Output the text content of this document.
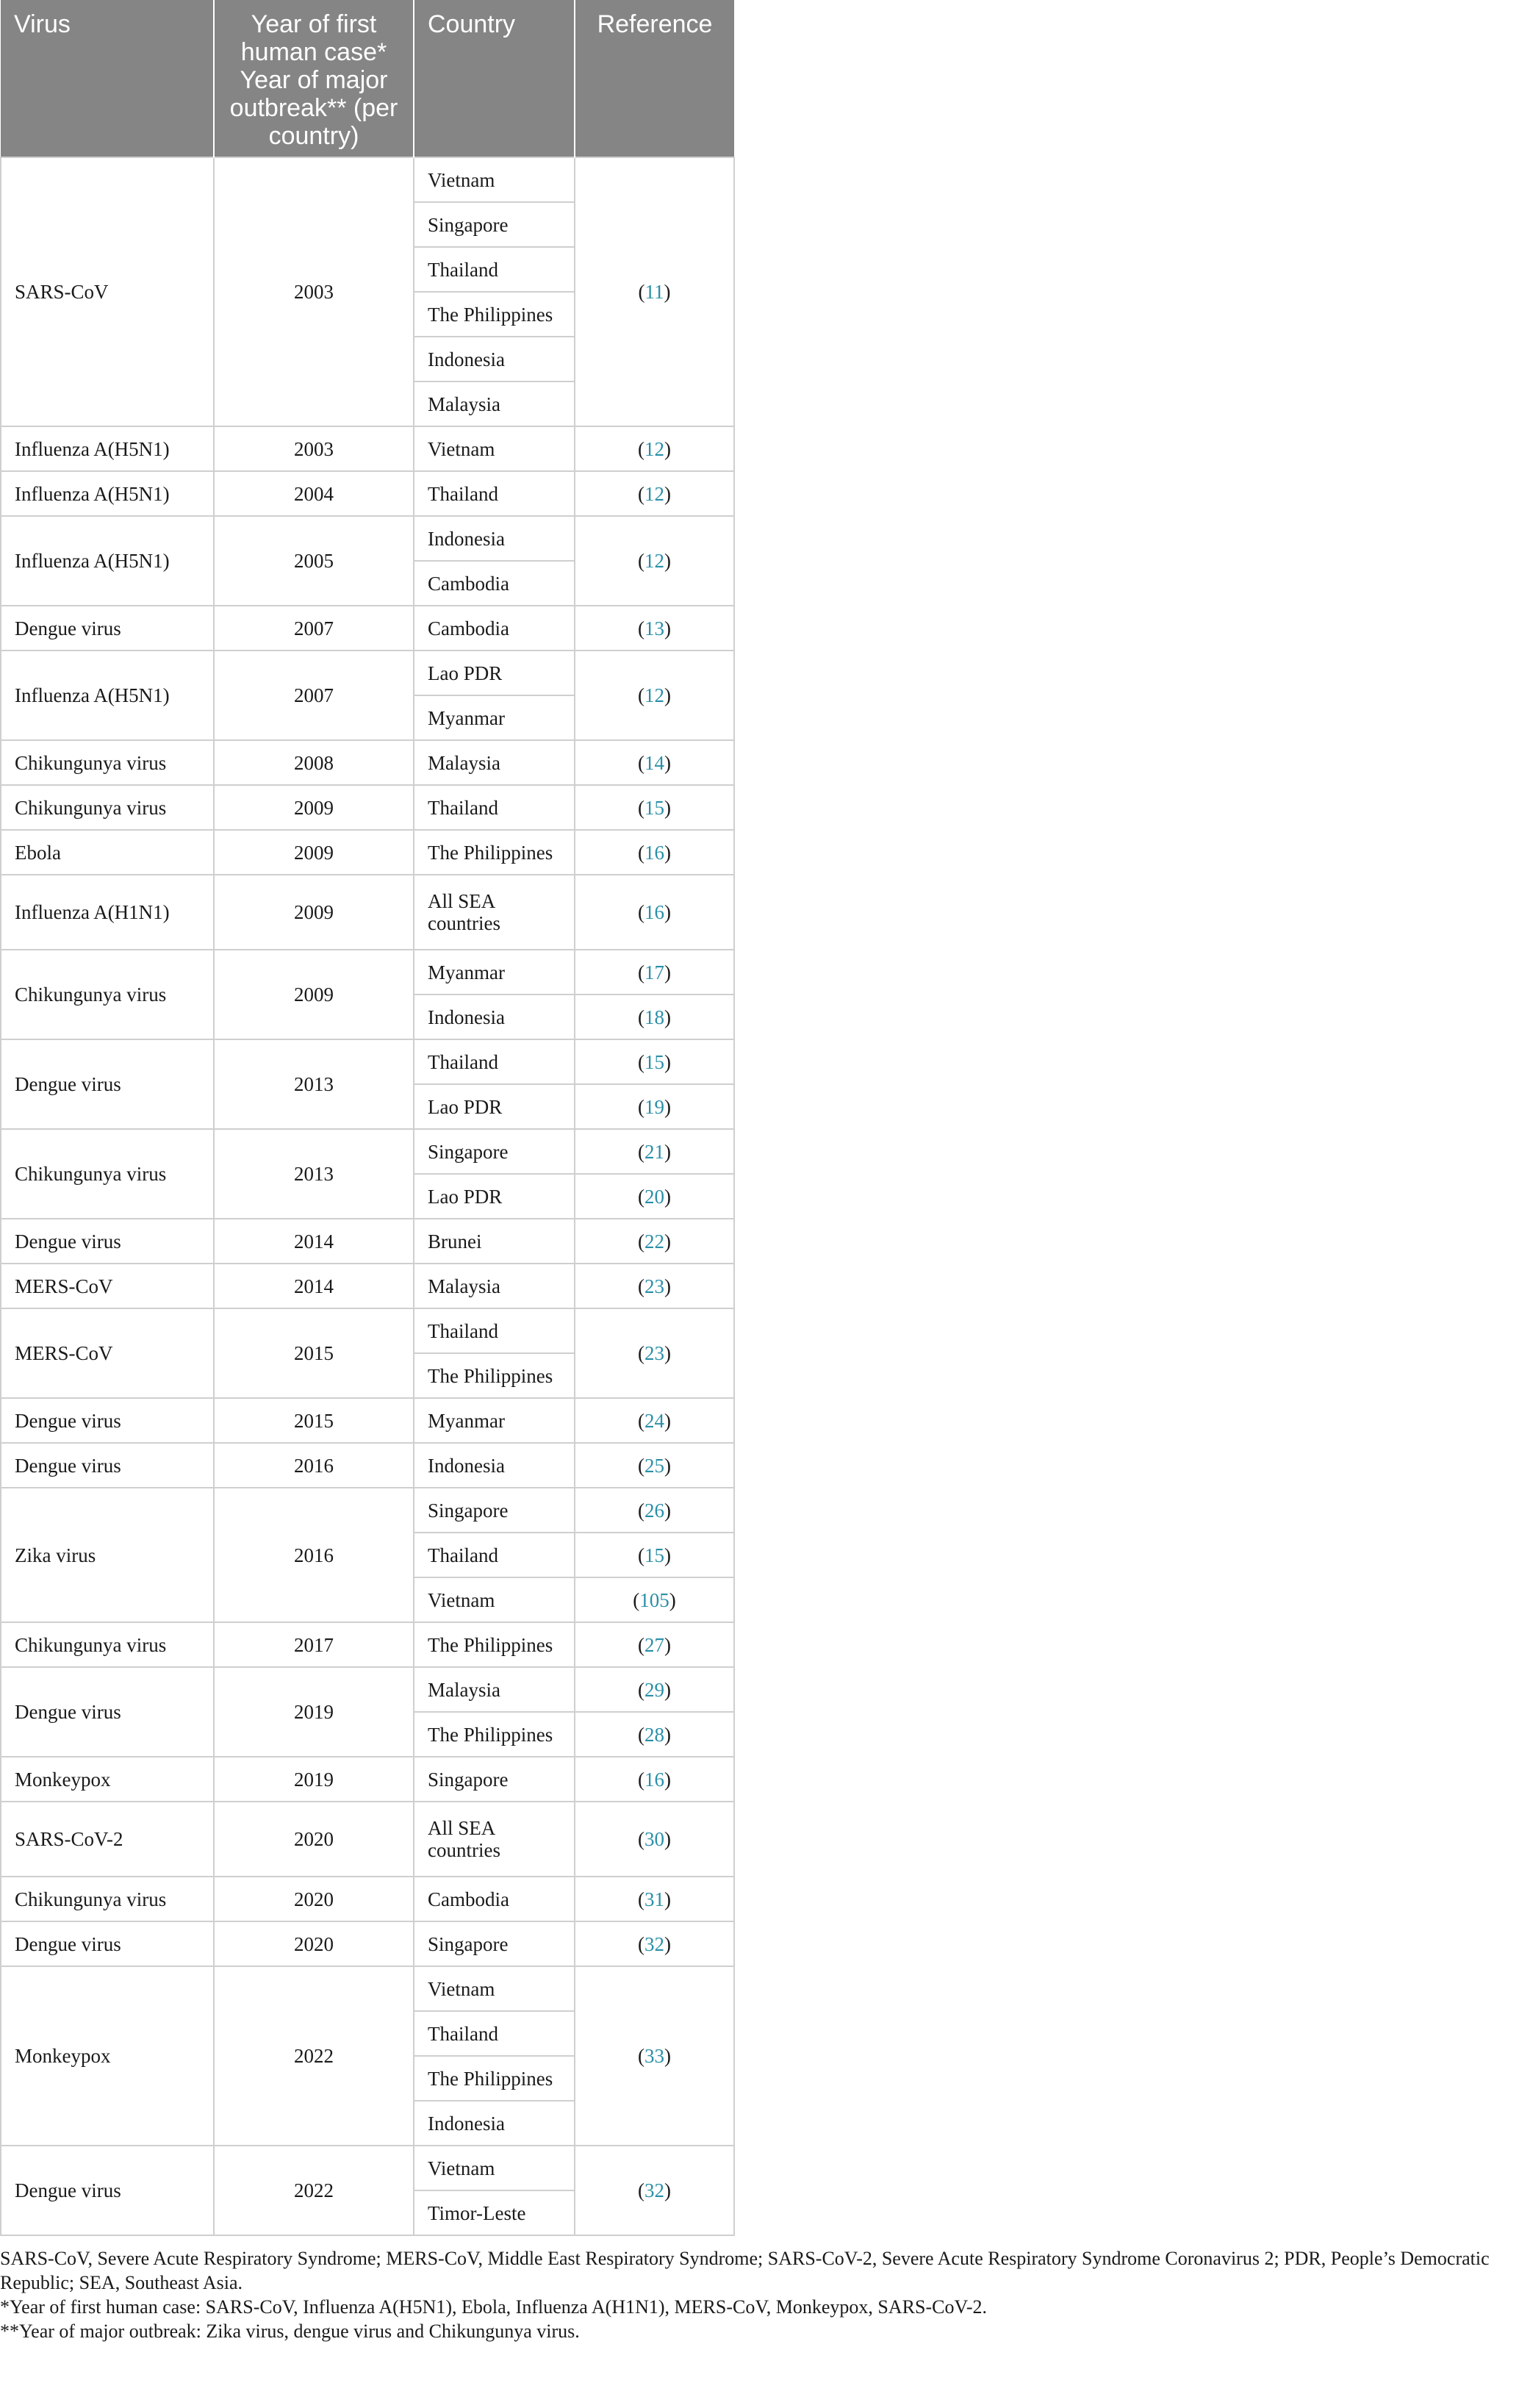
Virus	Year of first human case* Year of major outbreak** (per country)	Country	Reference
SARS-CoV	2003	Vietnam	(11)
		Singapore	
		Thailand	
		The Philippines	
		Indonesia	
		Malaysia	
Influenza A(H5N1)	2003	Vietnam	(12)
Influenza A(H5N1)	2004	Thailand	(12)
Influenza A(H5N1)	2005	Indonesia	(12)
		Cambodia	
Dengue virus	2007	Cambodia	(13)
Influenza A(H5N1)	2007	Lao PDR	(12)
		Myanmar	
Chikungunya virus	2008	Malaysia	(14)
Chikungunya virus	2009	Thailand	(15)
Ebola	2009	The Philippines	(16)
Influenza A(H1N1)	2009	All SEA countries	(16)
Chikungunya virus	2009	Myanmar	(17)
		Indonesia	(18)
Dengue virus	2013	Thailand	(15)
		Lao PDR	(19)
Chikungunya virus	2013	Singapore	(21)
		Lao PDR	(20)
Dengue virus	2014	Brunei	(22)
MERS-CoV	2014	Malaysia	(23)
MERS-CoV	2015	Thailand	(23)
		The Philippines	
Dengue virus	2015	Myanmar	(24)
Dengue virus	2016	Indonesia	(25)
Zika virus	2016	Singapore	(26)
		Thailand	(15)
		Vietnam	(105)
Chikungunya virus	2017	The Philippines	(27)
Dengue virus	2019	Malaysia	(29)
		The Philippines	(28)
Monkeypox	2019	Singapore	(16)
SARS-CoV-2	2020	All SEA countries	(30)
Chikungunya virus	2020	Cambodia	(31)
Dengue virus	2020	Singapore	(32)
Monkeypox	2022	Vietnam	(33)
		Thailand	
		The Philippines	
		Indonesia	
Dengue virus	2022	Vietnam	(32)
		Timor-Leste	

SARS-CoV, Severe Acute Respiratory Syndrome; MERS-CoV, Middle East Respiratory Syndrome; SARS-CoV-2, Severe Acute Respiratory Syndrome Coronavirus 2; PDR, People’s Democratic Republic; SEA, Southeast Asia.

*Year of first human case: SARS-CoV, Influenza A(H5N1), Ebola, Influenza A(H1N1), MERS-CoV, Monkeypox, SARS-CoV-2.

**Year of major outbreak: Zika virus, dengue virus and Chikungunya virus.
